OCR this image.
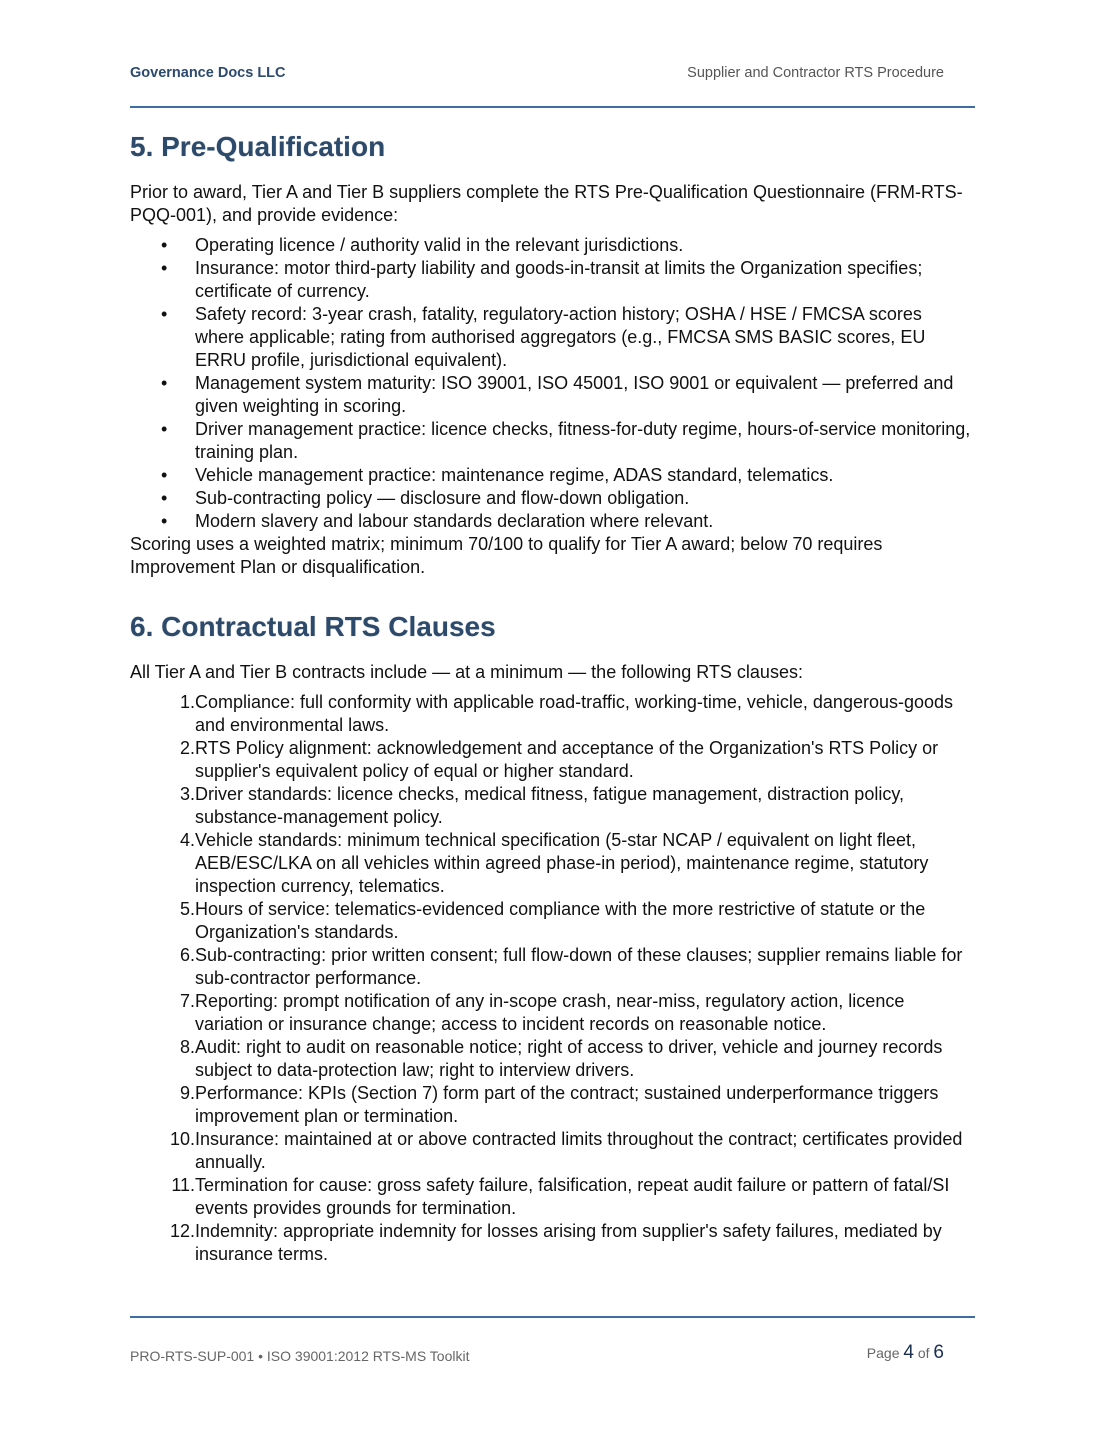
Governance Docs LLC	Supplier and Contractor RTS Procedure
5. Pre-Qualification

Prior to award, Tier A and Tier B suppliers complete the RTS Pre-Qualification Questionnaire (FRM-RTS-PQQ-001), and provide evidence:

• Operating licence / authority valid in the relevant jurisdictions.
• Insurance: motor third-party liability and goods-in-transit at limits the Organization specifies; certificate of currency.
• Safety record: 3-year crash, fatality, regulatory-action history; OSHA / HSE / FMCSA scores where applicable; rating from authorised aggregators (e.g., FMCSA SMS BASIC scores, EU ERRU profile, jurisdictional equivalent).
• Management system maturity: ISO 39001, ISO 45001, ISO 9001 or equivalent — preferred and given weighting in scoring.
• Driver management practice: licence checks, fitness-for-duty regime, hours-of-service monitoring, training plan.
• Vehicle management practice: maintenance regime, ADAS standard, telematics.
• Sub-contracting policy — disclosure and flow-down obligation.
• Modern slavery and labour standards declaration where relevant.

Scoring uses a weighted matrix; minimum 70/100 to qualify for Tier A award; below 70 requires Improvement Plan or disqualification.

6. Contractual RTS Clauses

All Tier A and Tier B contracts include — at a minimum — the following RTS clauses:

1. Compliance: full conformity with applicable road-traffic, working-time, vehicle, dangerous-goods and environmental laws.
2. RTS Policy alignment: acknowledgement and acceptance of the Organization's RTS Policy or supplier's equivalent policy of equal or higher standard.
3. Driver standards: licence checks, medical fitness, fatigue management, distraction policy, substance-management policy.
4. Vehicle standards: minimum technical specification (5-star NCAP / equivalent on light fleet, AEB/ESC/LKA on all vehicles within agreed phase-in period), maintenance regime, statutory inspection currency, telematics.
5. Hours of service: telematics-evidenced compliance with the more restrictive of statute or the Organization's standards.
6. Sub-contracting: prior written consent; full flow-down of these clauses; supplier remains liable for sub-contractor performance.
7. Reporting: prompt notification of any in-scope crash, near-miss, regulatory action, licence variation or insurance change; access to incident records on reasonable notice.
8. Audit: right to audit on reasonable notice; right of access to driver, vehicle and journey records subject to data-protection law; right to interview drivers.
9. Performance: KPIs (Section 7) form part of the contract; sustained underperformance triggers improvement plan or termination.
10. Insurance: maintained at or above contracted limits throughout the contract; certificates provided annually.
11. Termination for cause: gross safety failure, falsification, repeat audit failure or pattern of fatal/SI events provides grounds for termination.
12. Indemnity: appropriate indemnity for losses arising from supplier's safety failures, mediated by insurance terms.
PRO-RTS-SUP-001 • ISO 39001:2012 RTS-MS Toolkit	Page 4 of 6
